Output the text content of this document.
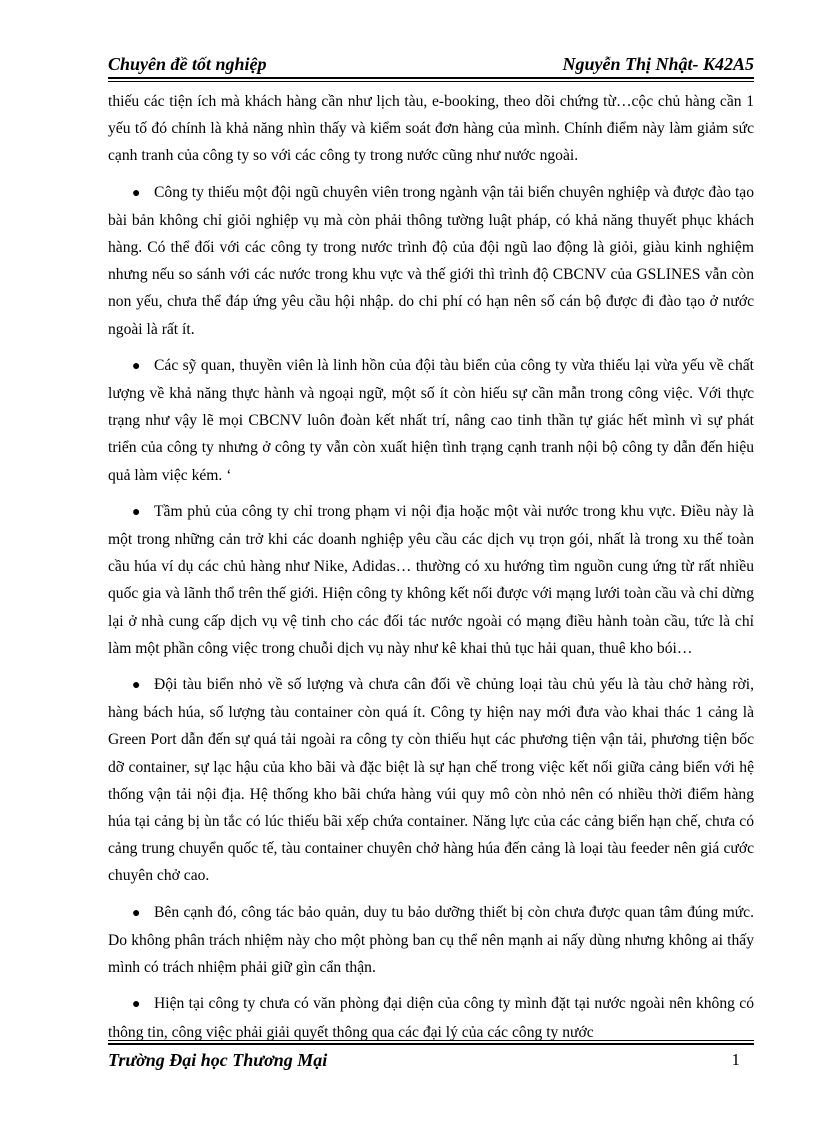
Chuyên đề tốt nghiệp	Nguyễn Thị Nhật- K42A5

thiếu các tiện ích mà khách hàng cần như lịch tàu, e-booking, theo dõi chứng từ…cộc chủ hàng cần 1 yếu tố đó chính là khả năng nhìn thấy và kiểm soát đơn hàng của mình. Chính điểm này làm giảm sức cạnh tranh của công ty so với các công ty trong nước cũng như nước ngoài.

● Công ty thiếu một đội ngũ chuyên viên trong ngành vận tải biển chuyên nghiệp và được đào tạo bài bản không chỉ giỏi nghiệp vụ mà còn phải thông tường luật pháp, có khả năng thuyết phục khách hàng. Có thể đối với các công ty trong nước trình độ của đội ngũ lao động là giỏi, giàu kinh nghiệm nhưng nếu so sánh với các nước trong khu vực và thế giới thì trình độ CBCNV của GSLINES vẫn còn non yếu, chưa thể đáp ứng yêu cầu hội nhập. do chi phí có hạn nên số cán bộ được đi đào tạo ở nước ngoài là rất ít.

● Các sỹ quan, thuyền viên là linh hồn của đội tàu biển của công ty vừa thiếu lại vừa yếu về chất lượng về khả năng thực hành và ngoại ngữ, một số ít còn hiếu sự cần mẫn trong công việc. Với thực trạng như vậy lẽ mọi CBCNV luôn đoàn kết nhất trí, nâng cao tinh thần tự giác hết mình vì sự phát triển của công ty nhưng ở công ty vẫn còn xuất hiện tình trạng cạnh tranh nội bộ công ty dẫn đến hiệu quả làm việc kém. ‘

● Tầm phủ của công ty chỉ trong phạm vi nội địa hoặc một vài nước trong khu vực. Điều này là một trong những cản trở khi các doanh nghiệp yêu cầu các dịch vụ trọn gói, nhất là trong xu thế toàn cầu húa ví dụ các chủ hàng như Nike, Adidas… thường có xu hướng tìm nguồn cung ứng từ rất nhiều quốc gia và lãnh thổ trên thế giới. Hiện công ty không kết nối được với mạng lưới toàn cầu và chỉ dừng lại ở nhà cung cấp dịch vụ vệ tinh cho các đối tác nước ngoài có mạng điều hành toàn cầu, tức là chỉ làm một phần công việc trong chuỗi dịch vụ này như kê khai thủ tục hải quan, thuê kho bói…

● Đội tàu biển nhỏ về số lượng và chưa cân đối về chủng loại tàu chủ yếu là tàu chở hàng rời, hàng bách húa, số lượng tàu container còn quá ít. Công ty hiện nay mới đưa vào khai thác 1 cảng là Green Port dẫn đến sự quá tải ngoài ra công ty còn thiếu hụt các phương tiện vận tải, phương tiện bốc dỡ container, sự lạc hậu của kho bãi và đặc biệt là sự hạn chế trong việc kết nối giữa cảng biển với hệ thống vận tải nội địa. Hệ thống kho bãi chứa hàng vúi quy mô còn nhỏ nên có nhiều thời điểm hàng húa tại cảng bị ùn tắc có lúc thiếu bãi xếp chứa container. Năng lực của các cảng biển hạn chế, chưa có cảng trung chuyển quốc tế, tàu container chuyên chở hàng húa đến cảng là loại tàu feeder nên giá cước chuyên chở cao.

● Bên cạnh đó, công tác bảo quản, duy tu bảo dưỡng thiết bị còn chưa được quan tâm đúng mức. Do không phân trách nhiệm này cho một phòng ban cụ thể nên mạnh ai nấy dùng nhưng không ai thấy mình có trách nhiệm phải giữ gìn cẩn thận.

● Hiện tại công ty chưa có văn phòng đại diện của công ty mình đặt tại nước ngoài nên không có thông tin, công việc phải giải quyết thông qua các đại lý của các công ty nước

Trường Đại học Thương Mại	1
